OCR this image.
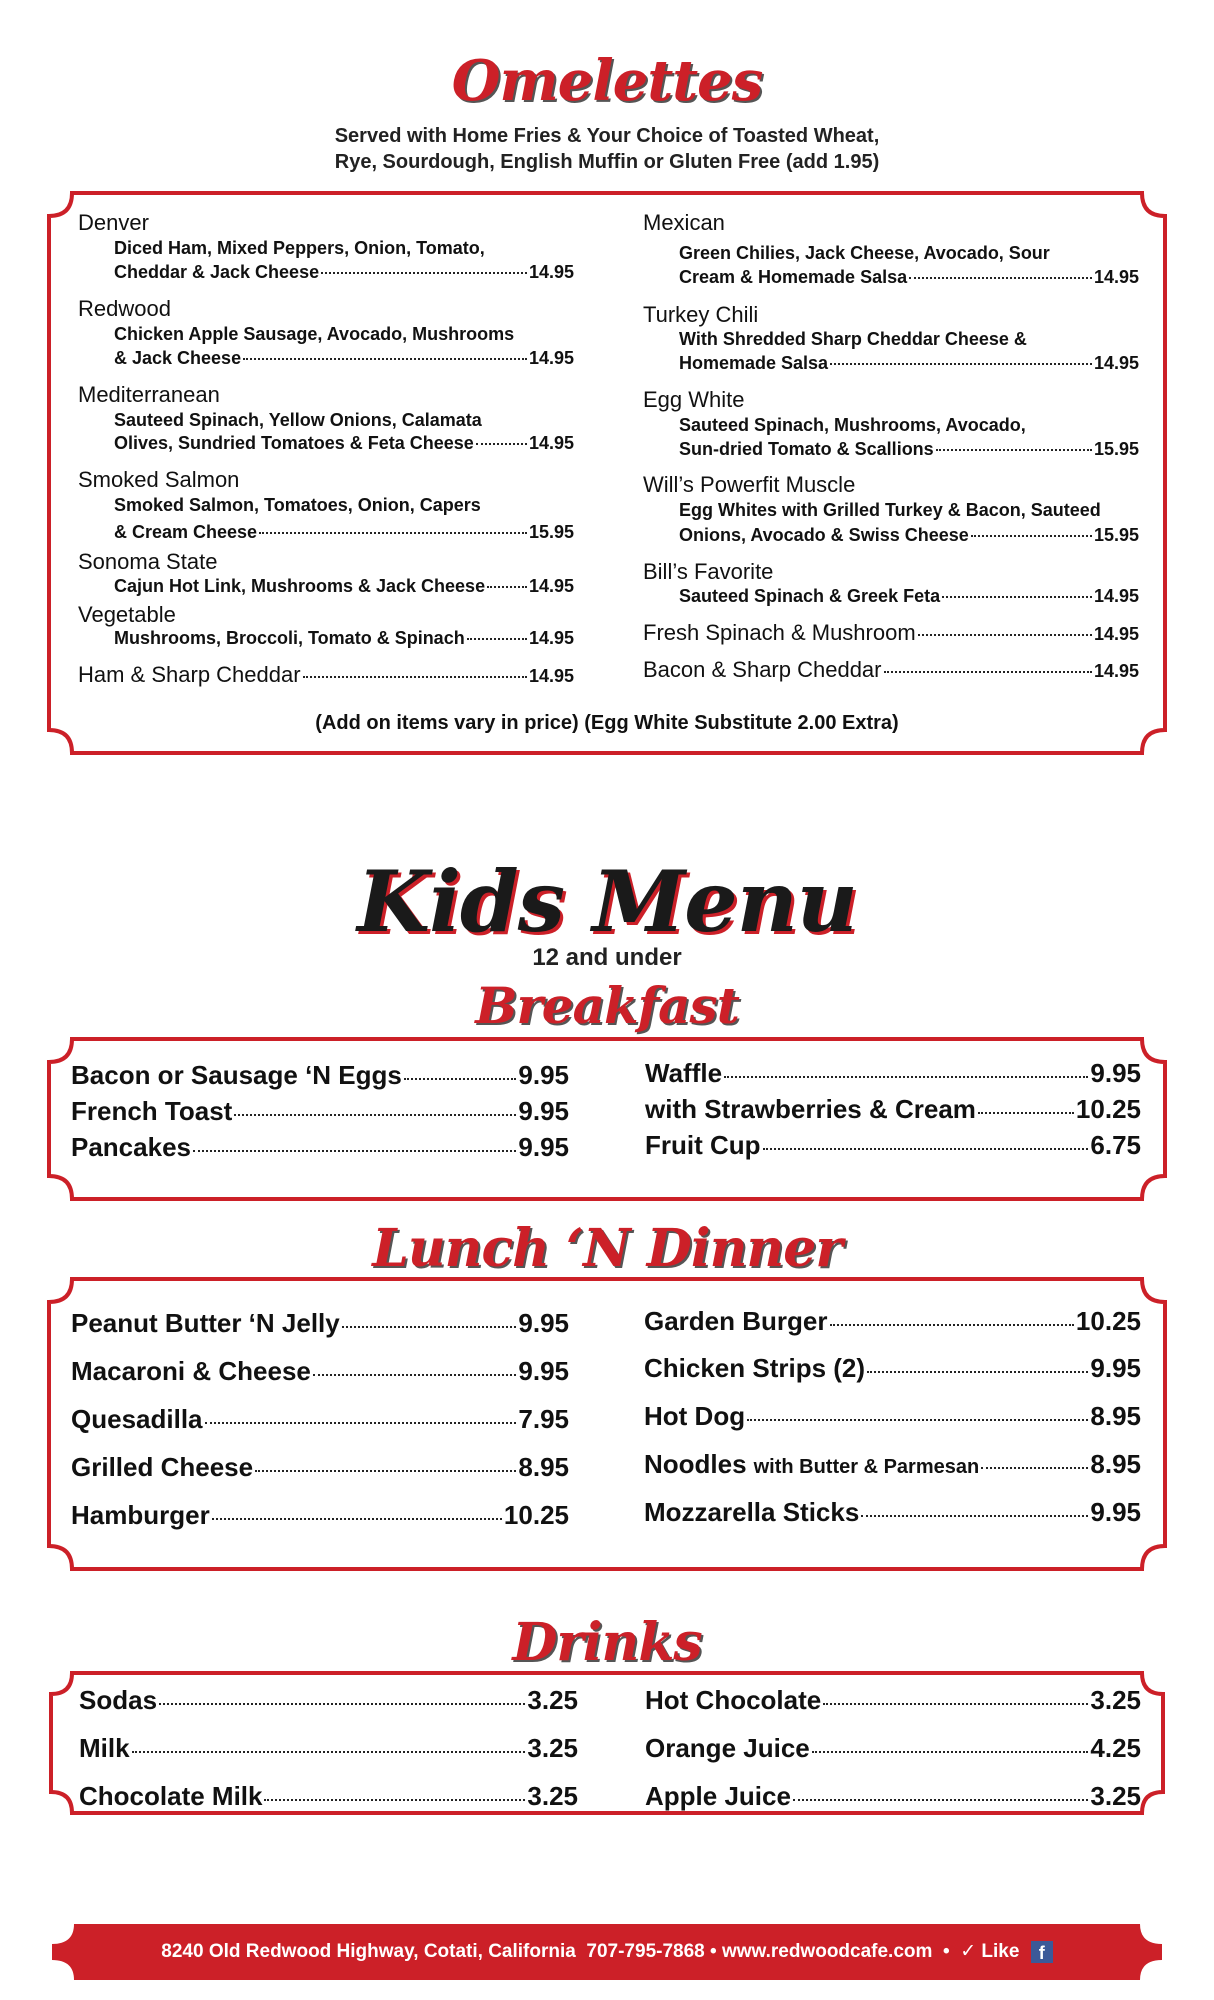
Omelettes
Served with Home Fries & Your Choice of Toasted Wheat,
Rye, Sourdough, English Muffin or Gluten Free (add 1.95)
Denver
Diced Ham, Mixed Peppers, Onion, Tomato,
Cheddar & Jack Cheese	14.95
Redwood
Chicken Apple Sausage, Avocado, Mushrooms
& Jack Cheese	14.95
Mediterranean
Sauteed Spinach, Yellow Onions, Calamata
Olives, Sundried Tomatoes & Feta Cheese	14.95
Smoked Salmon
Smoked Salmon, Tomatoes, Onion, Capers
& Cream Cheese	15.95
Sonoma State
Cajun Hot Link, Mushrooms & Jack Cheese 14.95
Vegetable
Mushrooms, Broccoli, Tomato & Spinach	14.95
Ham & Sharp Cheddar	14.95
Mexican
Green Chilies, Jack Cheese, Avocado, Sour
Cream & Homemade Salsa	14.95
Turkey Chili
With Shredded Sharp Cheddar Cheese &
Homemade Salsa	14.95
Egg White
Sauteed Spinach, Mushrooms, Avocado,
Sun-dried Tomato & Scallions	15.95
Will’s Powerfit Muscle
Egg Whites with Grilled Turkey & Bacon, Sauteed
Onions, Avocado & Swiss Cheese	15.95
Bill’s Favorite
Sauteed Spinach & Greek Feta	14.95
Fresh Spinach & Mushroom	14.95
Bacon & Sharp Cheddar	14.95
(Add on items vary in price) (Egg White Substitute 2.00 Extra)
Kids Menu
12 and under
Breakfast
Bacon or Sausage ‘N Eggs	9.95
French Toast	9.95
Pancakes	9.95
Waffle	9.95
with Strawberries & Cream	10.25
Fruit Cup	6.75
Lunch ‘N Dinner
Peanut Butter ‘N Jelly	9.95
Macaroni & Cheese	9.95
Quesadilla	7.95
Grilled Cheese	8.95
Hamburger	10.25
Garden Burger	10.25
Chicken Strips (2)	9.95
Hot Dog	8.95
Noodles with Butter & Parmesan	8.95
Mozzarella Sticks	9.95
Drinks
Sodas	3.25
Milk	3.25
Chocolate Milk	3.25
Hot Chocolate	3.25
Orange Juice	4.25
Apple Juice	3.25
8240 Old Redwood Highway, Cotati, California 707-795-7868 • www.redwoodcafe.com • ✓ Like f
